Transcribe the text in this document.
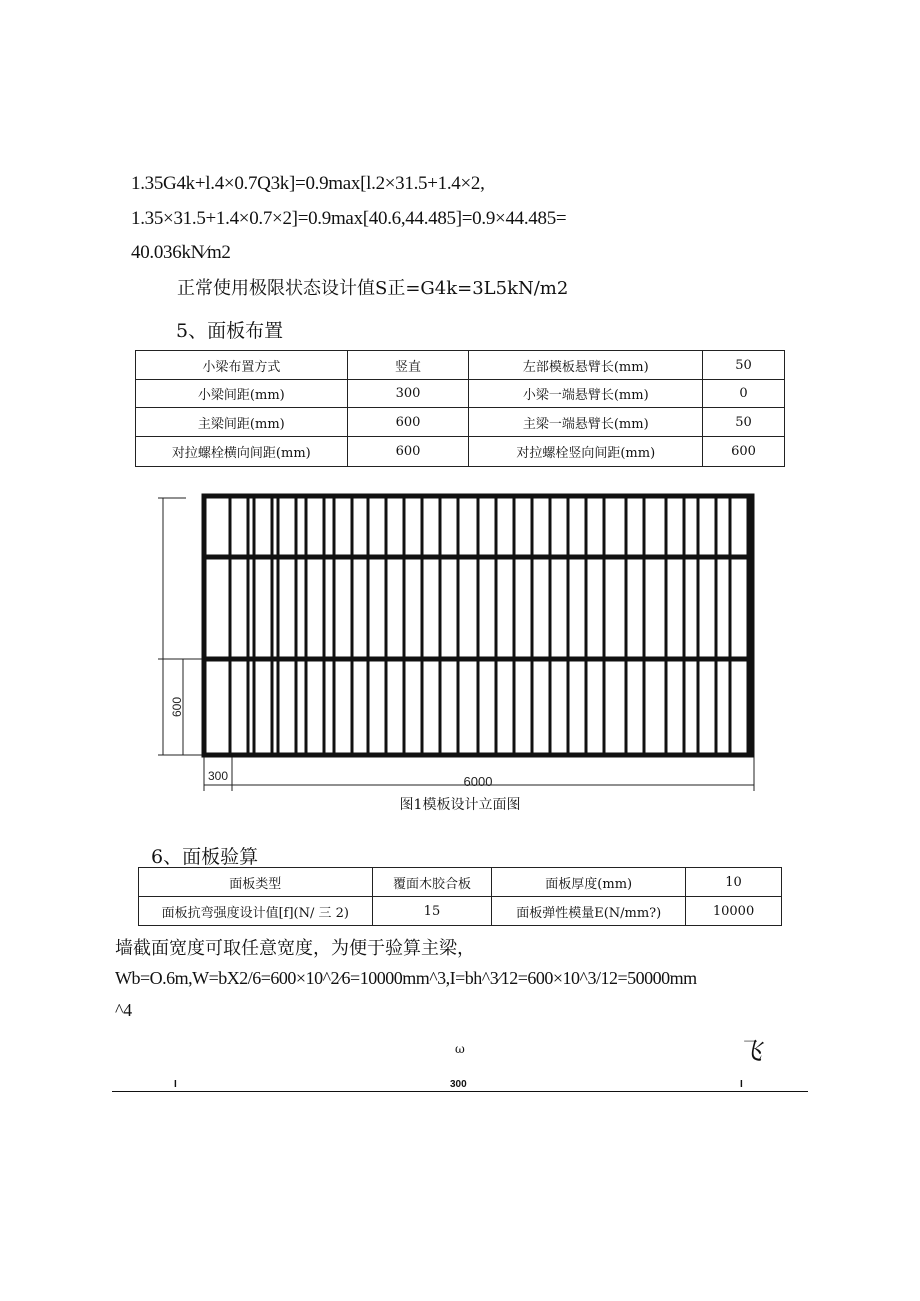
1.35G4k+l.4×0.7Q3k]=0.9max[l.2×31.5+1.4×2,
1.35×31.5+1.4×0.7×2]=0.9max[40.6,44.485]=0.9×44.485=
40.036kN∕m2
正常使用极限状态设计值S正=G4k=3L5kN∕m2
5、面板布置
小梁布置方式	竖直	左部模板悬臂长(mm)	50
小梁间距(mm)	300	小梁一端悬臂长(mm)	0
主梁间距(mm)	600	主梁一端悬臂长(mm)	50
对拉螺栓横向间距(mm)	600	对拉螺栓竖向间距(mm)	600
600
300	6000
图1模板设计立面图
6、面板验算
面板类型	覆面木胶合板	面板厚度(mm)	10
面板抗弯强度设计值[f](N∕ 三 2)	15	面板弹性模量E(N/mm?)	10000
墙截面宽度可取任意宽度，为便于验算主梁，
Wb=O.6m,W=bX2/6=600×10^2∕6=10000mm^3,I=bh^3∕12=600×10^3/12=50000mm
^4
ω	飞
I	300	I
